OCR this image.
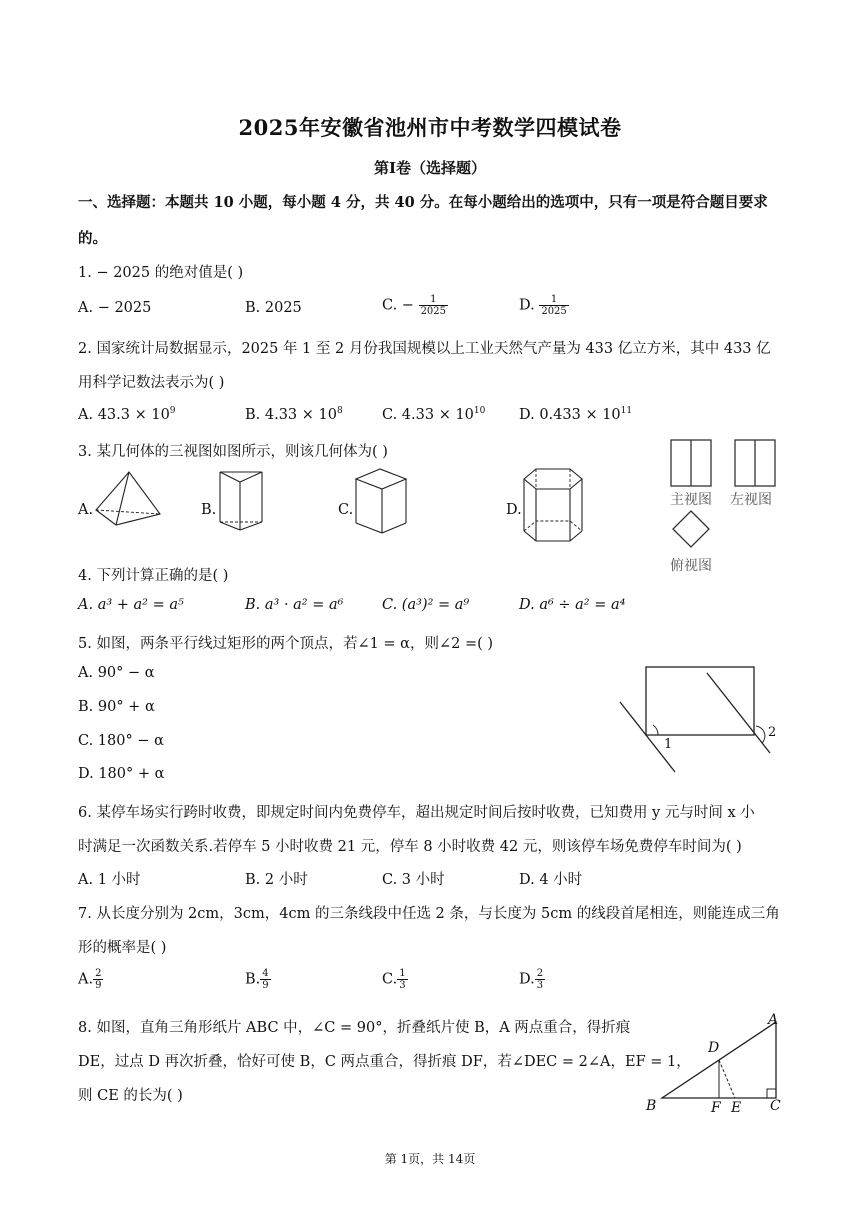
2025年安徽省池州市中考数学四模试卷
第Ⅰ卷（选择题）
一、选择题：本题共 10 小题，每小题 4 分，共 40 分。在每小题给出的选项中，只有一项是符合题目要求
的。
1. − 2025 的绝对值是( )
A. − 2025	B. 2025	C. − $\frac{1}{2025}$	D. $\frac{1}{2025}$
2. 国家统计局数据显示，2025 年 1 至 2 月份我国规模以上工业天然气产量为 433 亿立方米，其中 433 亿
用科学记数法表示为( )
A. $43.3 \times 10^9$	B. $4.33 \times 10^8$	C. $4.33 \times 10^{10}$ D. $0.433 \times 10^{11}$
3. 某几何体的三视图如图所示，则该几何体为( )
A.	B.	C.	D.
主视图 左视图
俯视图
4. 下列计算正确的是( )
A. a³ + a² = a⁵	B. a³ · a² = a⁶	C. (a³)² = a⁹	D. a⁶ ÷ a² = a⁴
5. 如图，两条平行线过矩形的两个顶点，若∠1 = α，则∠2 =( )
A. 90° − α
B. 90° + α
C. 180° − α
D. 180° + α
1
2
6. 某停车场实行跨时收费，即规定时间内免费停车，超出规定时间后按时收费，已知费用 y 元与时间 x 小
时满足一次函数关系.若停车 5 小时收费 21 元，停车 8 小时收费 42 元，则该停车场免费停车时间为( )
A. 1 小时	B. 2 小时	C. 3 小时	D. 4 小时
7. 从长度分别为 2cm，3cm，4cm 的三条线段中任选 2 条，与长度为 5cm 的线段首尾相连，则能连成三角
形的概率是( )
A. $\frac{2}{9}$	B. $\frac{4}{9}$	C. $\frac{1}{3}$	D. $\frac{2}{3}$
8. 如图，直角三角形纸片 ABC 中，∠C = 90°，折叠纸片使 B，A 两点重合，得折痕
DE，过点 D 再次折叠，恰好可使 B，C 两点重合，得折痕 DF，若∠DEC = 2∠A，EF = 1，
则 CE 的长为( )
A
B	C
D
E
F
第 1页，共 14页
